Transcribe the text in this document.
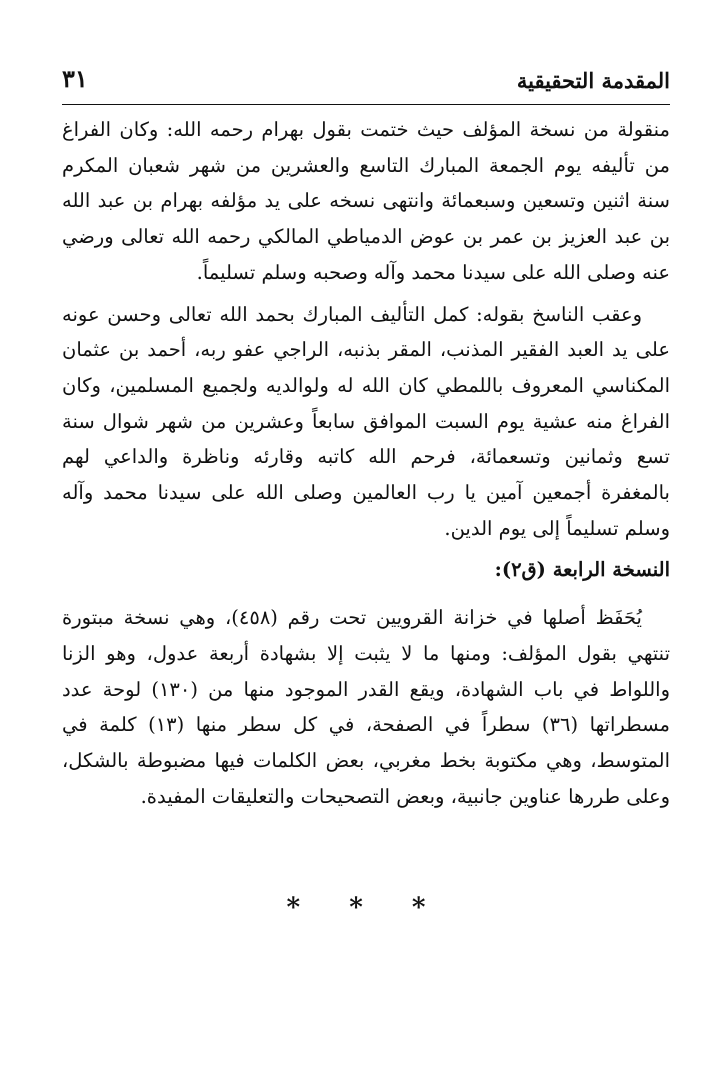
المقدمة التحقيقية
٣١

منقولة من نسخة المؤلف حيث ختمت بقول بهرام رحمه الله: وكان الفراغ من تأليفه يوم الجمعة المبارك التاسع والعشرين من شهر شعبان المكرم سنة اثنين وتسعين وسبعمائة وانتهى نسخه على يد مؤلفه بهرام بن عبد الله بن عبد العزيز بن عمر بن عوض الدمياطي المالكي رحمه الله تعالى ورضي عنه وصلى الله على سيدنا محمد وآله وصحبه وسلم تسليماً.

وعقب الناسخ بقوله: كمل التأليف المبارك بحمد الله تعالى وحسن عونه على يد العبد الفقير المذنب، المقر بذنبه، الراجي عفو ربه، أحمد بن عثمان المكناسي المعروف باللمطي كان الله له ولوالديه ولجميع المسلمين، وكان الفراغ منه عشية يوم السبت الموافق سابعاً وعشرين من شهر شوال سنة تسع وثمانين وتسعمائة، فرحم الله كاتبه وقارئه وناظرة والداعي لهم بالمغفرة أجمعين آمين يا رب العالمين وصلى الله على سيدنا محمد وآله وسلم تسليماً إلى يوم الدين.

النسخة الرابعة (ق٢):

يُحَفَظ أصلها في خزانة القرويين تحت رقم (٤٥٨)، وهي نسخة مبتورة تنتهي بقول المؤلف: ومنها ما لا يثبت إلا بشهادة أربعة عدول، وهو الزنا واللواط في باب الشهادة، ويقع القدر الموجود منها من (١٣٠) لوحة عدد مسطراتها (٣٦) سطراً في الصفحة، في كل سطر منها (١٣) كلمة في المتوسط، وهي مكتوبة بخط مغربي، بعض الكلمات فيها مضبوطة بالشكل، وعلى طررها عناوين جانبية، وبعض التصحيحات والتعليقات المفيدة.

* * *
